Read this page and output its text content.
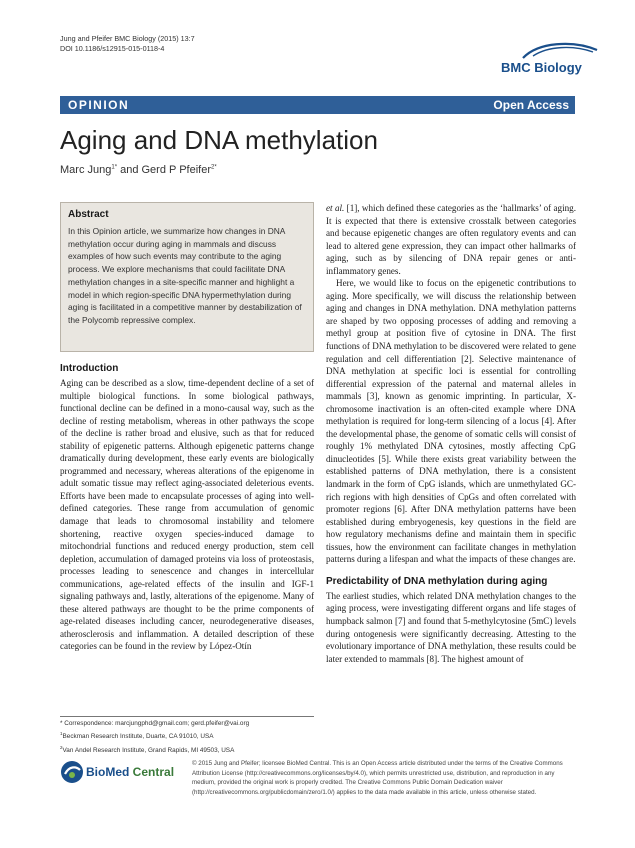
Jung and Pfeifer BMC Biology (2015) 13:7
DOI 10.1186/s12915-015-0118-4
BMC Biology
OPINION	Open Access
Aging and DNA methylation
Marc Jung$^{1*}$ and Gerd P Pfeifer$^{2*}$
Abstract

In this Opinion article, we summarize how changes in DNA methylation occur during aging in mammals and discuss examples of how such events may contribute to the aging process. We explore mechanisms that could facilitate DNA methylation changes in a site-specific manner and highlight a model in which region-specific DNA hypermethylation during aging is facilitated in a competitive manner by destabilization of the Polycomb repressive complex.

Introduction

Aging can be described as a slow, time-dependent decline of a set of multiple biological functions. In some biological pathways, functional decline can be defined in a mono-causal way, such as the decline of resting metabolism, whereas in other pathways the scope of the decline is rather broad and elusive, such as that for reduced stability of epigenetic patterns. Although epigenetic patterns change dramatically during development, these early events are biologically programmed and necessary, whereas alterations of the epigenome in adult somatic tissue may reflect aging-associated deleterious events. Efforts have been made to encapsulate processes of aging into well-defined categories. These range from accumulation of genomic damage that leads to chromosomal instability and telomere shortening, reactive oxygen species-induced damage to mitochondrial functions and reduced energy production, stem cell depletion, accumulation of damaged proteins via loss of proteostasis, processes leading to senescence and changes in intercellular communications, age-related effects of the insulin and IGF-1 signaling pathways and, lastly, alterations of the epigenome. Many of these altered pathways are thought to be the prime components of age-related diseases including cancer, neurodegenerative diseases, atherosclerosis and inflammation. A detailed description of these categories can be found in the review by López-Otín

et al. [1], which defined these categories as the ‘hallmarks’ of aging. It is expected that there is extensive crosstalk between categories and because epigenetic changes are often regulatory events and can lead to altered gene expression, they can impact other hallmarks of aging, such as by silencing of DNA repair genes or anti-inflammatory genes.

Here, we would like to focus on the epigenetic contributions to aging. More specifically, we will discuss the relationship between aging and changes in DNA methylation. DNA methylation patterns are shaped by two opposing processes of adding and removing a methyl group at position five of cytosine in DNA. The first functions of DNA methylation to be discovered were related to gene regulation and cell differentiation [2]. Selective maintenance of DNA methylation at specific loci is essential for controlling differential expression of the paternal and maternal alleles in mammals [3], known as genomic imprinting. In particular, X-chromosome inactivation is an often-cited example where DNA methylation is required for long-term silencing of a locus [4]. After the developmental phase, the genome of somatic cells will consist of roughly 1% methylated DNA cytosines, mostly affecting CpG dinucleotides [5]. While there exists great variability between the established patterns of DNA methylation, there is a consistent landmark in the form of CpG islands, which are unmethylated GC-rich regions with high densities of CpGs and often correlated with promoter regions [6]. After DNA methylation patterns have been established during embryogenesis, key questions in the field are how regulatory mechanisms define and maintain them in specific tissues, how the environment can facilitate changes in methylation patterns during a lifespan and what the impacts of these changes are.

Predictability of DNA methylation during aging

The earliest studies, which related DNA methylation changes to the aging process, were investigating different organs and life stages of humpback salmon [7] and found that 5-methylcytosine (5mC) levels during ontogenesis were significantly decreasing. Attesting to the evolutionary importance of DNA methylation, these results could be later extended to mammals [8]. The highest amount of

* Correspondence: marcjungphd@gmail.com; gerd.pfeifer@vai.org
$^1$Beckman Research Institute, Duarte, CA 91010, USA
$^2$Van Andel Research Institute, Grand Rapids, MI 49503, USA
BioMed Central
© 2015 Jung and Pfeifer; licensee BioMed Central. This is an Open Access article distributed under the terms of the Creative Commons Attribution License (http://creativecommons.org/licenses/by/4.0), which permits unrestricted use, distribution, and reproduction in any medium, provided the original work is properly credited. The Creative Commons Public Domain Dedication waiver (http://creativecommons.org/publicdomain/zero/1.0/) applies to the data made available in this article, unless otherwise stated.
